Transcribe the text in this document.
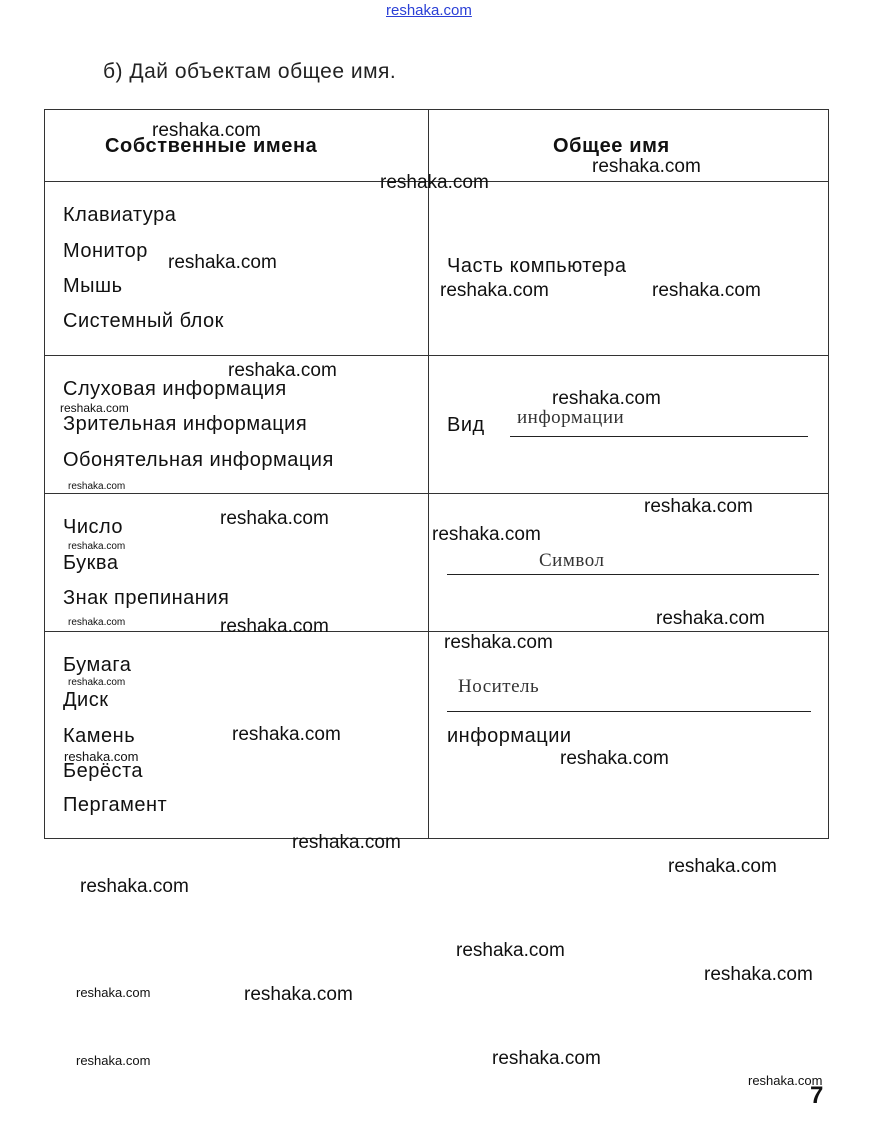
reshaka.com
б) Дай объектам общее имя.
Собственные имена	Общее имя
Клавиатура
Монитор
Мышь
Системный блок
Часть компьютера
Слуховая информация
Зрительная информация
Обонятельная информация
Вид информации
Число
Буква
Знак препинания
Символ
Бумага
Диск
Камень
Берёста
Пергамент
Носитель
информации
reshaka.com
reshaka.com
reshaka.com
reshaka.com
reshaka.com	reshaka.com
reshaka.com
reshaka.com
reshaka.com
reshaka.com
reshaka.com
reshaka.com
reshaka.com
reshaka.com
reshaka.com
reshaka.com
reshaka.com
reshaka.com
reshaka.com
reshaka.com
reshaka.com
reshaka.com
reshaka.com
reshaka.com
reshaka.com
reshaka.com
reshaka.com
reshaka.com
reshaka.com
reshaka.com
reshaka.com
reshaka.com
7
